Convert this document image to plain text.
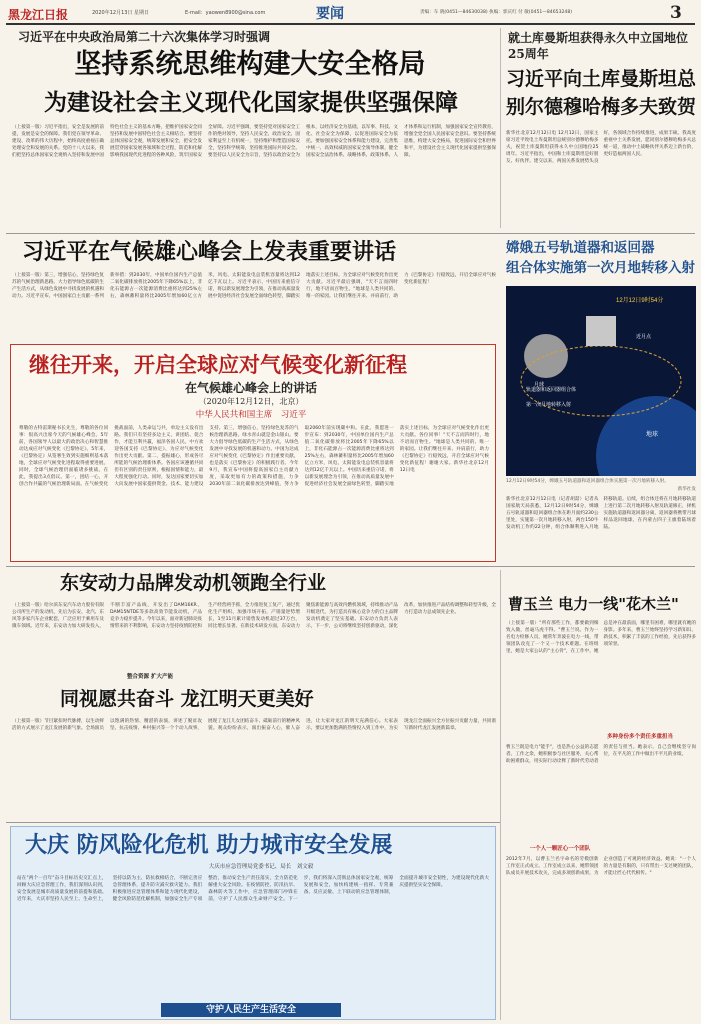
黑龙江日报	2020年12月13日 星期日	E-mail：yaowen8900@sina.com	要闻	责编：车 晓(0451—84630038) 执编：郭庆红 付 敏(0451—84653248)	3
习近平在中央政治局第二十六次集体学习时强调
坚持系统思维构建大安全格局
为建设社会主义现代化国家提供坚强保障
（上接第一版）习近平指出，安全是发展的前提，发展是安全的保障。我们党在领导革命、建设、改革的伟大历程中，始终高度重视正确处理安全和发展的关系。党的十八大以来，我们把坚持总体国家安全观纳入坚持和发展中国特色社会主义的基本方略，把维护国家安全同坚持和发展中国特色社会主义相结合。要坚持总体国家安全观，统筹发展和安全，把安全发展贯穿国家发展各领域和全过程，防范和化解影响我国现代化进程的各种风险，筑牢国家安全屏障。习近平强调，要坚持党对国家安全工作的绝对领导，坚持人民安全、政治安全、国家利益至上有机统一，坚持维护和塑造国家安全，坚持科学统筹，坚持推进国际共同安全。要坚持以人民安全为宗旨，坚持以政治安全为根本，以经济安全为基础，以军事、科技、文化、社会安全为保障，以促进国际安全为依托。要加强国家安全体系和能力建设，完善集中统一、高效权威的国家安全领导体制，健全国家安全法治体系、战略体系、政策体系、人才体系和运行机制，加强国家安全宣传教育，增强全党全国人民国家安全意识。要坚持系统思维，构建大安全格局，促进国际安全和世界和平，为建设社会主义现代化国家提供坚强保障。
就土库曼斯坦获得永久中立国地位25周年
习近平向土库曼斯坦总
别尔德穆哈梅多夫致贺
新华社北京12月12日电 12月12日，国家主席习近平致电土库曼斯坦总统别尔德穆哈梅多夫，祝贺土库曼斯坦获得永久中立国地位25周年。习近平指出，中国和土库曼斯坦是好朋友、好伙伴。建交以来，两国关系发展势头良好，各领域合作持续推进，成果丰硕。我高度重视中土关系发展，愿同别尔德穆哈梅多夫总统一道，推动中土战略伙伴关系迈上新台阶，更好造福两国人民。
习近平在气候雄心峰会上发表重要讲话
（上接第一版）第三，增强信心，坚持绿色复苏的气候治理新思路。大力倡导绿色低碳的生产生活方式，从绿色发展中寻找发展的机遇和动力。习近平宣布，中国国家自主贡献一系列新举措：到2030年，中国单位国内生产总值二氧化碳排放将比2005年下降65%以上，非化石能源占一次能源消费比重将达到25%左右，森林蓄积量将比2005年增加60亿立方米，风电、太阳能发电总装机容量将达到12亿千瓦以上。习近平表示，中国历来重信守诺，将以新发展理念为引领，在推动高质量发展中促进经济社会发展全面绿色转型，脚踏实地落实上述目标，为全球应对气候变化作出更大贡献。习近平最后强调，"天不言而四时行，地不语而百物生。"地球是人类共同的、唯一的家园。让我们继往开来、并肩前行，助力《巴黎协定》行稳致远，开启全球应对气候变化新征程！
继往开来，开启全球应对气候变化新征程
在气候雄心峰会上的讲话
（2020年12月12日，北京）
中华人民共和国主席　习近平
尊敬的古特雷斯秘书长先生，尊敬的各位同事：很高兴出席今天的气候雄心峰会。5年前，各国领导人以最大的政治决心和智慧推动达成应对气候变化《巴黎协定》。5年来，《巴黎协定》从签署生效到实施细则基本落地，全球应对气候变化进程取得重要进展。同时，全球气候治理仍面临诸多挑战。在此，我提出3点倡议。第一，团结一心，开创合作共赢的气候治理新局面。在气候变化挑战面前，人类命运与共，单边主义没有出路。我们只有坚持多边主义，讲团结、促合作，才能互利共赢，福泽各国人民。中方欢迎各国支持《巴黎协定》、为应对气候变化作出更大贡献。第二，提振雄心，形成各尽所能的气候治理新体系。各国应该遵循共同但有区别的责任原则，根据国情和能力，最大程度强化行动。同时，发达国家要切实加大向发展中国家提供资金、技术、能力建设支持。第三，增强信心，坚持绿色复苏的气候治理新思路。绿水青山就是金山银山。要大力倡导绿色低碳的生产生活方式，从绿色发展中寻找发展的机遇和动力。中国为达成应对气候变化《巴黎协定》作出重要贡献，也是落实《巴黎协定》的积极践行者。今年9月，我宣布中国将提高国家自主贡献力度，采取更加有力的政策和措施，力争2030年前二氧化碳排放达到峰值，努力争取2060年前实现碳中和。在此，我愿进一步宣布：到2030年，中国单位国内生产总值二氧化碳排放将比2005年下降65%以上，非化石能源占一次能源消费比重将达到25%左右，森林蓄积量将比2005年增加60亿立方米，风电、太阳能发电总装机容量将达到12亿千瓦以上。中国历来重信守诺，将以新发展理念为引领，在推动高质量发展中促进经济社会发展全面绿色转型，脚踏实地落实上述目标，为全球应对气候变化作出更大贡献。各位同事！"天不言而四时行，地不语而百物生。"地球是人类共同的、唯一的家园。让我们继往开来、并肩前行，助力《巴黎协定》行稳致远，开启全球应对气候变化新征程！谢谢大家。新华社北京12月12日电
嫦娥五号轨道器和返回器
组合体实施第一次月地转移入射
12月12日9时54分
近月点
轨道器和返回器组合体
第一次月地转移入射
地球
月球
12月12日9时54分，嫦娥五号轨道器和返回器组合体实施第一次月地转移入射。
新华社发
新华社北京12月12日电（记者胡喆）记者从国家航天局获悉，12月12日9时54分，嫦娥五号轨道器和返回器组合体在距月面约230公里处，实施第一次月地转移入射，两台150牛发动机工作约22分钟，组合体顺利进入月地转移轨道。后续，组合体还将在月地转移轨道上进行第二次月地转移入射及轨道修正，择机实施轨道器和返回器分离，返回器将携带月球样品返回地球，在内蒙古四子王旗着陆场着陆。
东安动力品牌发动机领跑全行业
（上接第一版）哈尔滨东安汽车动力股份有限公司所生产的发动机，先后为长安、北汽、东风等多家汽车企业配套，广泛应用于乘用车及微车领域。近年来，东安动力加大研发投入，不断丰富产品线，开发出了DAM16KR、DAM15NTDE等多款高效节能发动机，产品竞争力稳步提升。今年以来，面对新冠肺炎疫情带来的不利影响，东安动力坚持疫情防控和生产经营两手抓，全力推进复工复产，通过优化生产组织、加强市场开拓，产销量逆势增长，1至11月累计销售发动机超过37万台，同比增长显著。在新技术研发方面，东安动力聚焦新能源与高效内燃机领域，持续推动产品升级迭代，为打造具有核心竞争力的自主品牌发动机奠定了坚实基础。东安动力负责人表示，下一步，公司将继续坚持创新驱动，深化改革，加快推进产品结构调整和转型升级，全力打造动力总成领先企业。
整合资源 扩大产能
同视愿共奋斗 龙江明天更美好
（上接第一版）节目紧扣时代脉搏，以生动鲜活的方式展示了龙江发展的新气象。全场演员以饱满的热情、精湛的表演，讲述了脱贫攻坚、抗击疫情、乡村振兴等一个个动人故事，展现了龙江儿女团结奋斗、砥砺前行的精神风貌。观众纷纷表示，演出振奋人心，催人奋进，让大家对龙江的明天充满信心。大家表示，要以更加饱满的热情投入到工作中，为实现龙江全面振兴全方位振兴贡献力量，共同谱写新时代龙江发展新篇章。
大庆 防风险化危机 助力城市安全发展
大庆市应急管理局党委书记、局长　刘文毅
站在"两个一百年"奋斗目标历史交汇点上，回顾大庆应急管理工作，我们深刻认识到，安全发展是城市高质量发展的前提和基础。近年来，大庆市坚持人民至上、生命至上，坚持以防为主、防抗救相结合，不断完善应急管理体系，提升防灾减灾救灾能力。我们积极推进应急管理体系和能力现代化建设，健全风险防范化解机制，加强安全生产专项整治，推动安全生产责任落实，全力防范化解重大安全风险。在疫情防控、防汛抗旱、森林防火等工作中，应急管理部门冲锋在前，守护了人民群众生命财产安全。下一步，我们将深入贯彻总体国家安全观，统筹发展和安全，加快构建统一指挥、专常兼备、反应灵敏、上下联动的应急管理体制，全面提升城市安全韧性，为建设现代化新大庆提供坚实安全保障。
守护人民生产生活安全
曹玉兰 电力一线"花木兰"
（上接第一版）"所有那些工作，都要做到细致入微，丝毫马虎不得。"曹玉兰说。作为一名电力检修人员，她常年奔波在电力一线，带领团队攻克了一个又一个技术难题。在班组里，她是大家公认的"主心骨"，在工作中，她总是冲在最前面，哪里有困难，哪里就有她的身影。多年来，曹玉兰始终坚持学习新知识、新技术，积累了丰富的工作经验，先后获得多项荣誉。
多种身份多个责任多重担当
曹玉兰既是电力"能手"，也是热心公益的志愿者。工作之余，她积极参与社区服务，关心帮助困难群众，用实际行动诠释了新时代劳动者的责任与担当。她表示，自己会继续坚守岗位，在平凡的工作中做出不平凡的业绩。
一个人一颗匠心一个团队
2012年7月，以曹玉兰名字命名的劳模创新工作室正式成立。工作室成立以来，她带领团队成员开展技术攻关，完成多项创新成果，为企业创造了可观的经济效益。她说："一个人的力量是有限的，只有带出一支过硬的团队，才能让匠心代代相传。"
